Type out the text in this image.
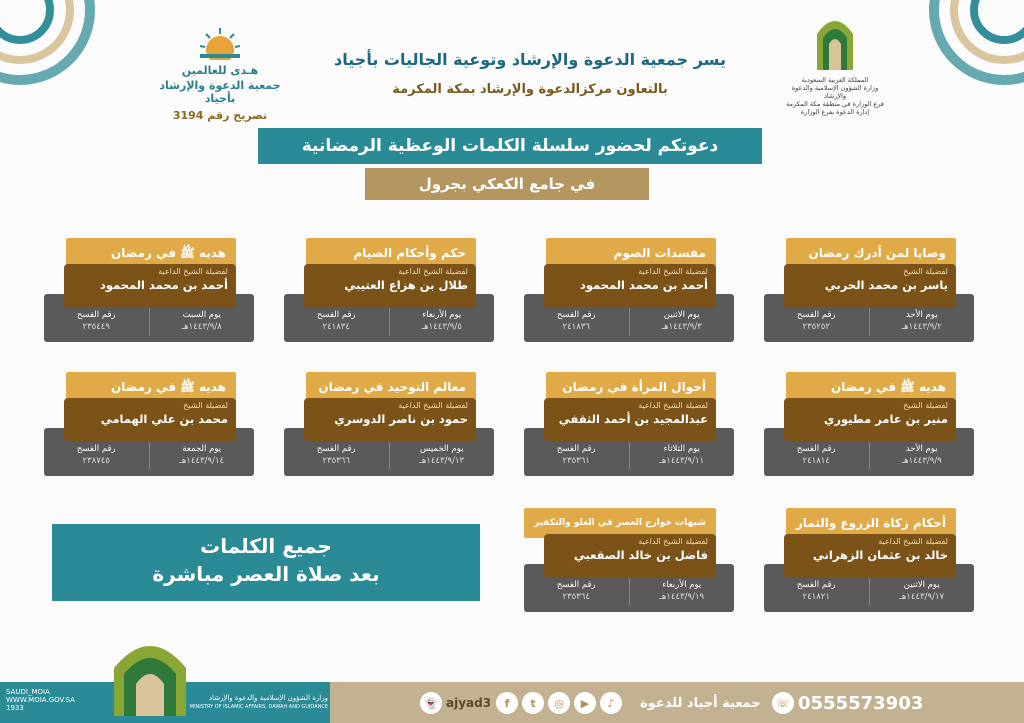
هـدى للعالمين
جمعية الدعوة والإرشاد بأجياد
تصريح رقم 3194
المملكة العربية السعودية
وزارة الشؤون الإسلامية والدعوة والإرشاد
فرع الوزارة في منطقة مكة المكرمة
إدارة الدعوة بفرع الوزارة
يسر جمعية الدعوة والإرشاد وتوعية الجاليات بأجياد
بالتعاون مركزالدعوة والإرشاد بمكة المكرمة
دعوتكم لحضور سلسلة الكلمات الوعظية الرمضانية
في جامع الكعكي بجرول
يوم الأحد
١٤٤٣/٩/٢هـ
رقم الفسح
٢٣٥٢٥٢
وصايا لمن أدرك رمضان
لفضيلة الشيخ
ياسر بن محمد الحربي
يوم الاثنين
١٤٤٣/٩/٣هـ
رقم الفسح
٢٤١٨٣٦
مفسدات الصوم
لفضيلة الشيخ الداعية
أحمد بن محمد المحمود
يوم الأربعاء
١٤٤٣/٩/٥هـ
رقم الفسح
٢٤١٨٣٤
حكم وأحكام الصيام
لفضيلة الشيخ الداعية
طلال بن هزاع العتيبي
يوم السبت
١٤٤٣/٩/٨هـ
رقم الفسح
٢٣٥٤٤٩
هديه ﷺ في رمضان
لفضيلة الشيخ الداعية
أحمد بن محمد المحمود
يوم الأحد
١٤٤٣/٩/٩هـ
رقم الفسح
٢٤١٨١٤
هديه ﷺ في رمضان
لفضيلة الشيخ
منير بن عامر مطيوري
يوم الثلاثاء
١٤٤٣/٩/١١هـ
رقم الفسح
٢٣٥٣٦١
أحوال المرأة في رمضان
لفضيلة الشيخ الداعية
عبدالمجيد بن أحمد الثقفي
يوم الخميس
١٤٤٣/٩/١٣هـ
رقم الفسح
٢٣٥٣٦٦
معالم التوحيد في رمضان
لفضيلة الشيخ الداعية
حمود بن ناصر الدوسري
يوم الجمعة
١٤٤٣/٩/١٤هـ
رقم الفسح
٢٣٨٧٤٥
هديه ﷺ في رمضان
لفضيلة الشيخ
محمد بن علي الهمامي
يوم الاثنين
١٤٤٣/٩/١٧هـ
رقم الفسح
٢٤١٨٢١
أحكام زكاة الزروع والثمار
لفضيلة الشيخ الداعية
خالد بن عثمان الزهراني
يوم الأربعاء
١٤٤٣/٩/١٩هـ
رقم الفسح
٢٣٥٣٦٤
شبهات خوارج العصر في الغلو والتكفير
لفضيلة الشيخ الداعية
فاضل بن خالد الصقعبي
جميع الكلمات
بعد صلاة العصر مباشرة
SAUDI_MOIA
WWW.MOIA.GOV.SA
1933
وزارة الشؤون الإسلامية والدعوة والإرشاد
MINISTRY OF ISLAMIC AFFAIRS, DAWAH AND GUIDANCE	👻 ajyad3	f	t	◎	▶	♪	جمعية أجياد للدعوة	☏ 0555573903
